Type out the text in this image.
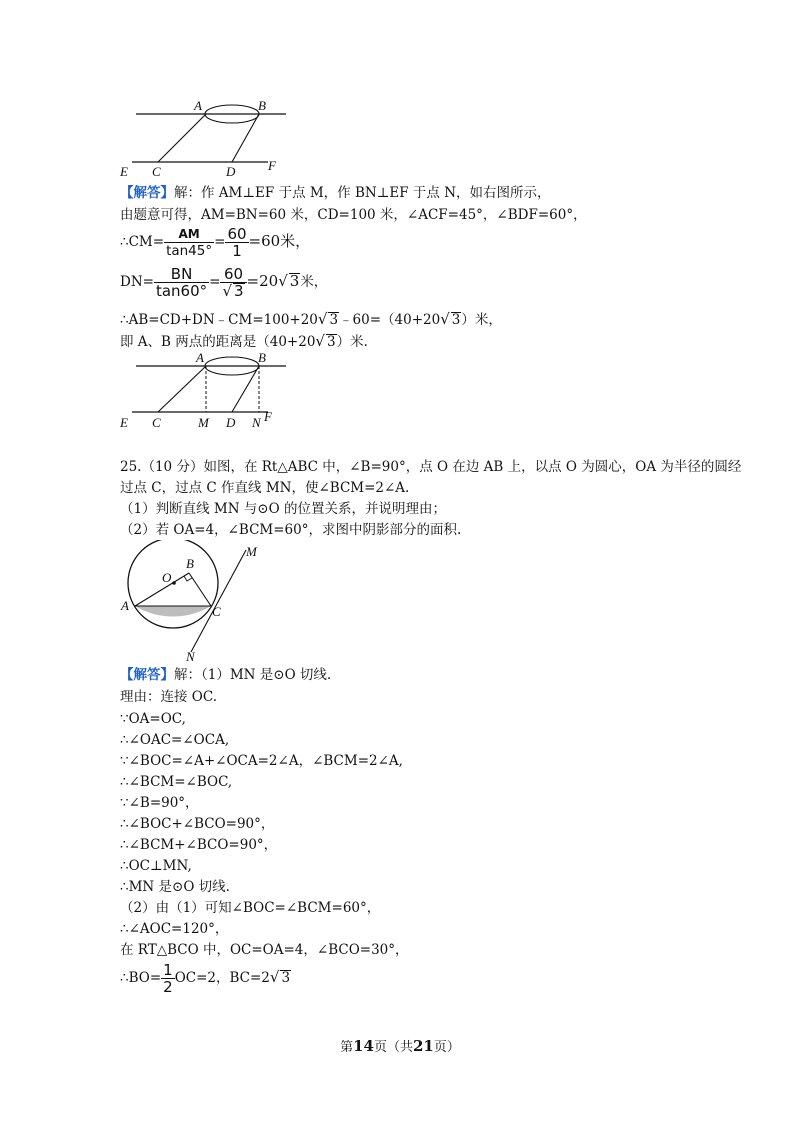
A	B
E C	D	F
【解答】解：作 AM⊥EF 于点 M，作 BN⊥EF 于点 N，如右图所示，
由题意可得，AM=BN=60 米，CD=100 米，∠ACF=45°，∠BDF=60°，
∴CM= $\frac{AM}{\tan 45^\circ} = \frac{60}{1} =60$米，
$DN= \frac{BN}{\tan 60^\circ} = \frac{60}{√ 3} =20√$ 3米，
∴AB=CD+DN﹣CM=100+20√ 3﹣60=（40+20√ 3）米，
即 A、B 两点的距离是（40+20√ 3）米.
A	B
E C	M D N F
25.（10 分）如图，在 Rt△ABC 中，∠B=90°，点 O 在边 AB 上，以点 O 为圆心，OA 为半径的圆经
过点 C，过点 C 作直线 MN，使∠BCM=2∠A.
（1）判断直线 MN 与⊙O 的位置关系，并说明理由；
（2）若 OA=4，∠BCM=60°，求图中阴影部分的面积.
O
B
C
A
M
N
【解答】解：（1）MN 是⊙O 切线.
理由：连接 OC.
∵OA=OC,
∴∠OAC=∠OCA,
∵∠BOC=∠A+∠OCA=2∠A，∠BCM=2∠A,
∴∠BCM=∠BOC,
∵∠B=90°，
∴∠BOC+∠BCO=90°，
∴∠BCM+∠BCO=90°，
∴OC⊥MN,
∴MN 是⊙O 切线.
（2）由（1）可知∠BOC=∠BCM=60°，
∴∠AOC=120°，
在 RT△BCO 中，OC=OA=4，∠BCO=30°，
∴BO= $\frac{1}{2} OC=2$，BC=2√ 3
第14页（共21页）
